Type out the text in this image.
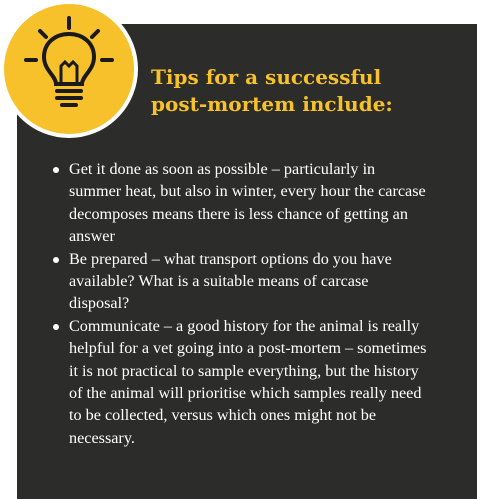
Tips for a successful
post-mortem include:
Get it done as soon as possible – particularly in summer heat, but also in winter, every hour the carcase decomposes means there is less chance of getting an answer
Be prepared – what transport options do you have available? What is a suitable means of carcase disposal?
Communicate – a good history for the animal is really helpful for a vet going into a post-mortem – sometimes it is not practical to sample everything, but the history of the animal will prioritise which samples really need to be collected, versus which ones might not be necessary.
